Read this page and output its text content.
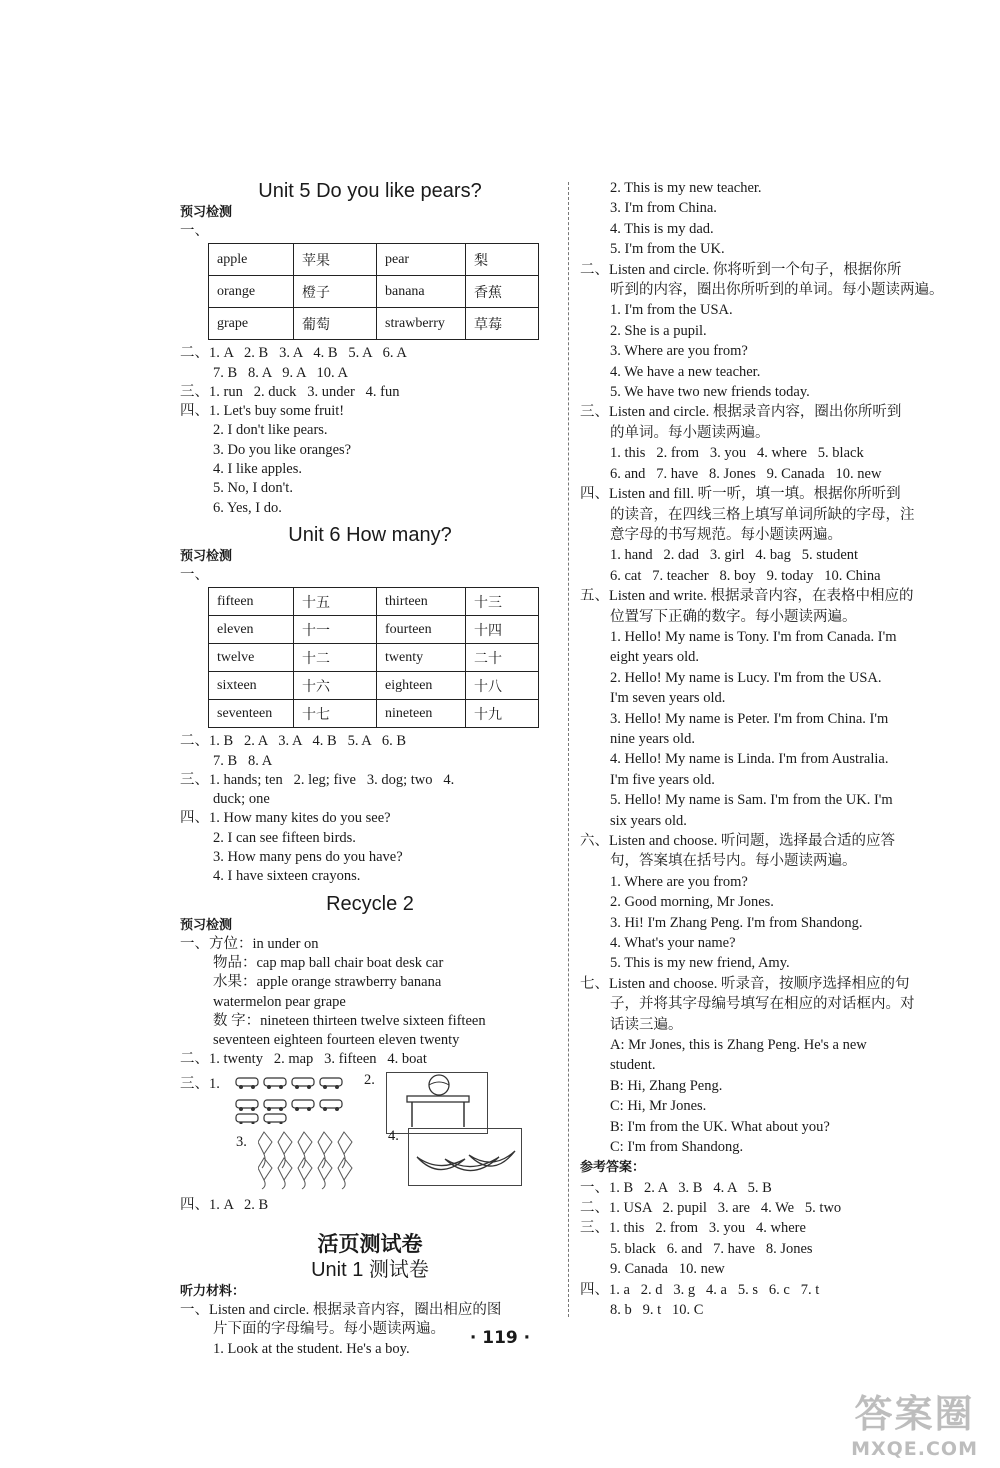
Unit 5 Do you like pears?
预习检测
一、
apple	苹果	pear	梨
orange	橙子	banana	香蕉
grape	葡萄	strawberry	草莓
二、1. A   2. B   3. A   4. B   5. A   6. A
7. B   8. A   9. A   10. A
三、1. run   2. duck   3. under   4. fun
四、1. Let's buy some fruit!
2. I don't like pears.
3. Do you like oranges?
4. I like apples.
5. No, I don't.
6. Yes, I do.
Unit 6 How many?
预习检测
一、
fifteen	十五	thirteen	十三
eleven	十一	fourteen	十四
twelve	十二	twenty	二十
sixteen	十六	eighteen	十八
seventeen	十七	nineteen	十九
二、1. B   2. A   3. A   4. B   5. A   6. B
7. B   8. A
三、1. hands; ten   2. leg; five   3. dog; two   4.
duck; one
四、1. How many kites do you see?
2. I can see fifteen birds.
3. How many pens do you have?
4. I have sixteen crayons.
Recycle 2
预习检测
一、方位：in under on
物品：cap map ball chair boat desk car
水果：apple orange strawberry banana
watermelon pear grape
数 字：nineteen thirteen twelve sixteen fifteen
seventeen eighteen fourteen eleven twenty
二、1. twenty   2. map   3. fifteen   4. boat
三、1.	2.
3.	4.
四、1. A   2. B
活页测试卷
Unit 1 测试卷
听力材料：
一、Listen and circle. 根据录音内容，圈出相应的图
片下面的字母编号。每小题读两遍。
1. Look at the student. He's a boy.
2. This is my new teacher.
3. I'm from China.
4. This is my dad.
5. I'm from the UK.
二、Listen and circle. 你将听到一个句子，根据你所
听到的内容，圈出你所听到的单词。每小题读两遍。
1. I'm from the USA.
2. She is a pupil.
3. Where are you from?
4. We have a new teacher.
5. We have two new friends today.
三、Listen and circle. 根据录音内容，圈出你所听到
的单词。每小题读两遍。
1. this   2. from   3. you   4. where   5. black
6. and   7. have   8. Jones   9. Canada   10. new
四、Listen and fill. 听一听，填一填。根据你所听到
的读音，在四线三格上填写单词所缺的字母，注
意字母的书写规范。每小题读两遍。
1. hand   2. dad   3. girl   4. bag   5. student
6. cat   7. teacher   8. boy   9. today   10. China
五、Listen and write. 根据录音内容，在表格中相应的
位置写下正确的数字。每小题读两遍。
1. Hello! My name is Tony. I'm from Canada. I'm
eight years old.
2. Hello! My name is Lucy. I'm from the USA.
I'm seven years old.
3. Hello! My name is Peter. I'm from China. I'm
nine years old.
4. Hello! My name is Linda. I'm from Australia.
I'm five years old.
5. Hello! My name is Sam. I'm from the UK. I'm
six years old.
六、Listen and choose. 听问题，选择最合适的应答
句，答案填在括号内。每小题读两遍。
1. Where are you from?
2. Good morning, Mr Jones.
3. Hi! I'm Zhang Peng. I'm from Shandong.
4. What's your name?
5. This is my new friend, Amy.
七、Listen and choose. 听录音，按顺序选择相应的句
子，并将其字母编号填写在相应的对话框内。对
话读三遍。
A: Mr Jones, this is Zhang Peng. He's a new
student.
B: Hi, Zhang Peng.
C: Hi, Mr Jones.
B: I'm from the UK. What about you?
C: I'm from Shandong.
参考答案：
一、1. B   2. A   3. B   4. A   5. B
二、1. USA   2. pupil   3. are   4. We   5. two
三、1. this   2. from   3. you   4. where
5. black   6. and   7. have   8. Jones
9. Canada   10. new
四、1. a   2. d   3. g   4. a   5. s   6. c   7. t
8. b   9. t   10. C
· 119 ·
答案圈
MXQE.COM
